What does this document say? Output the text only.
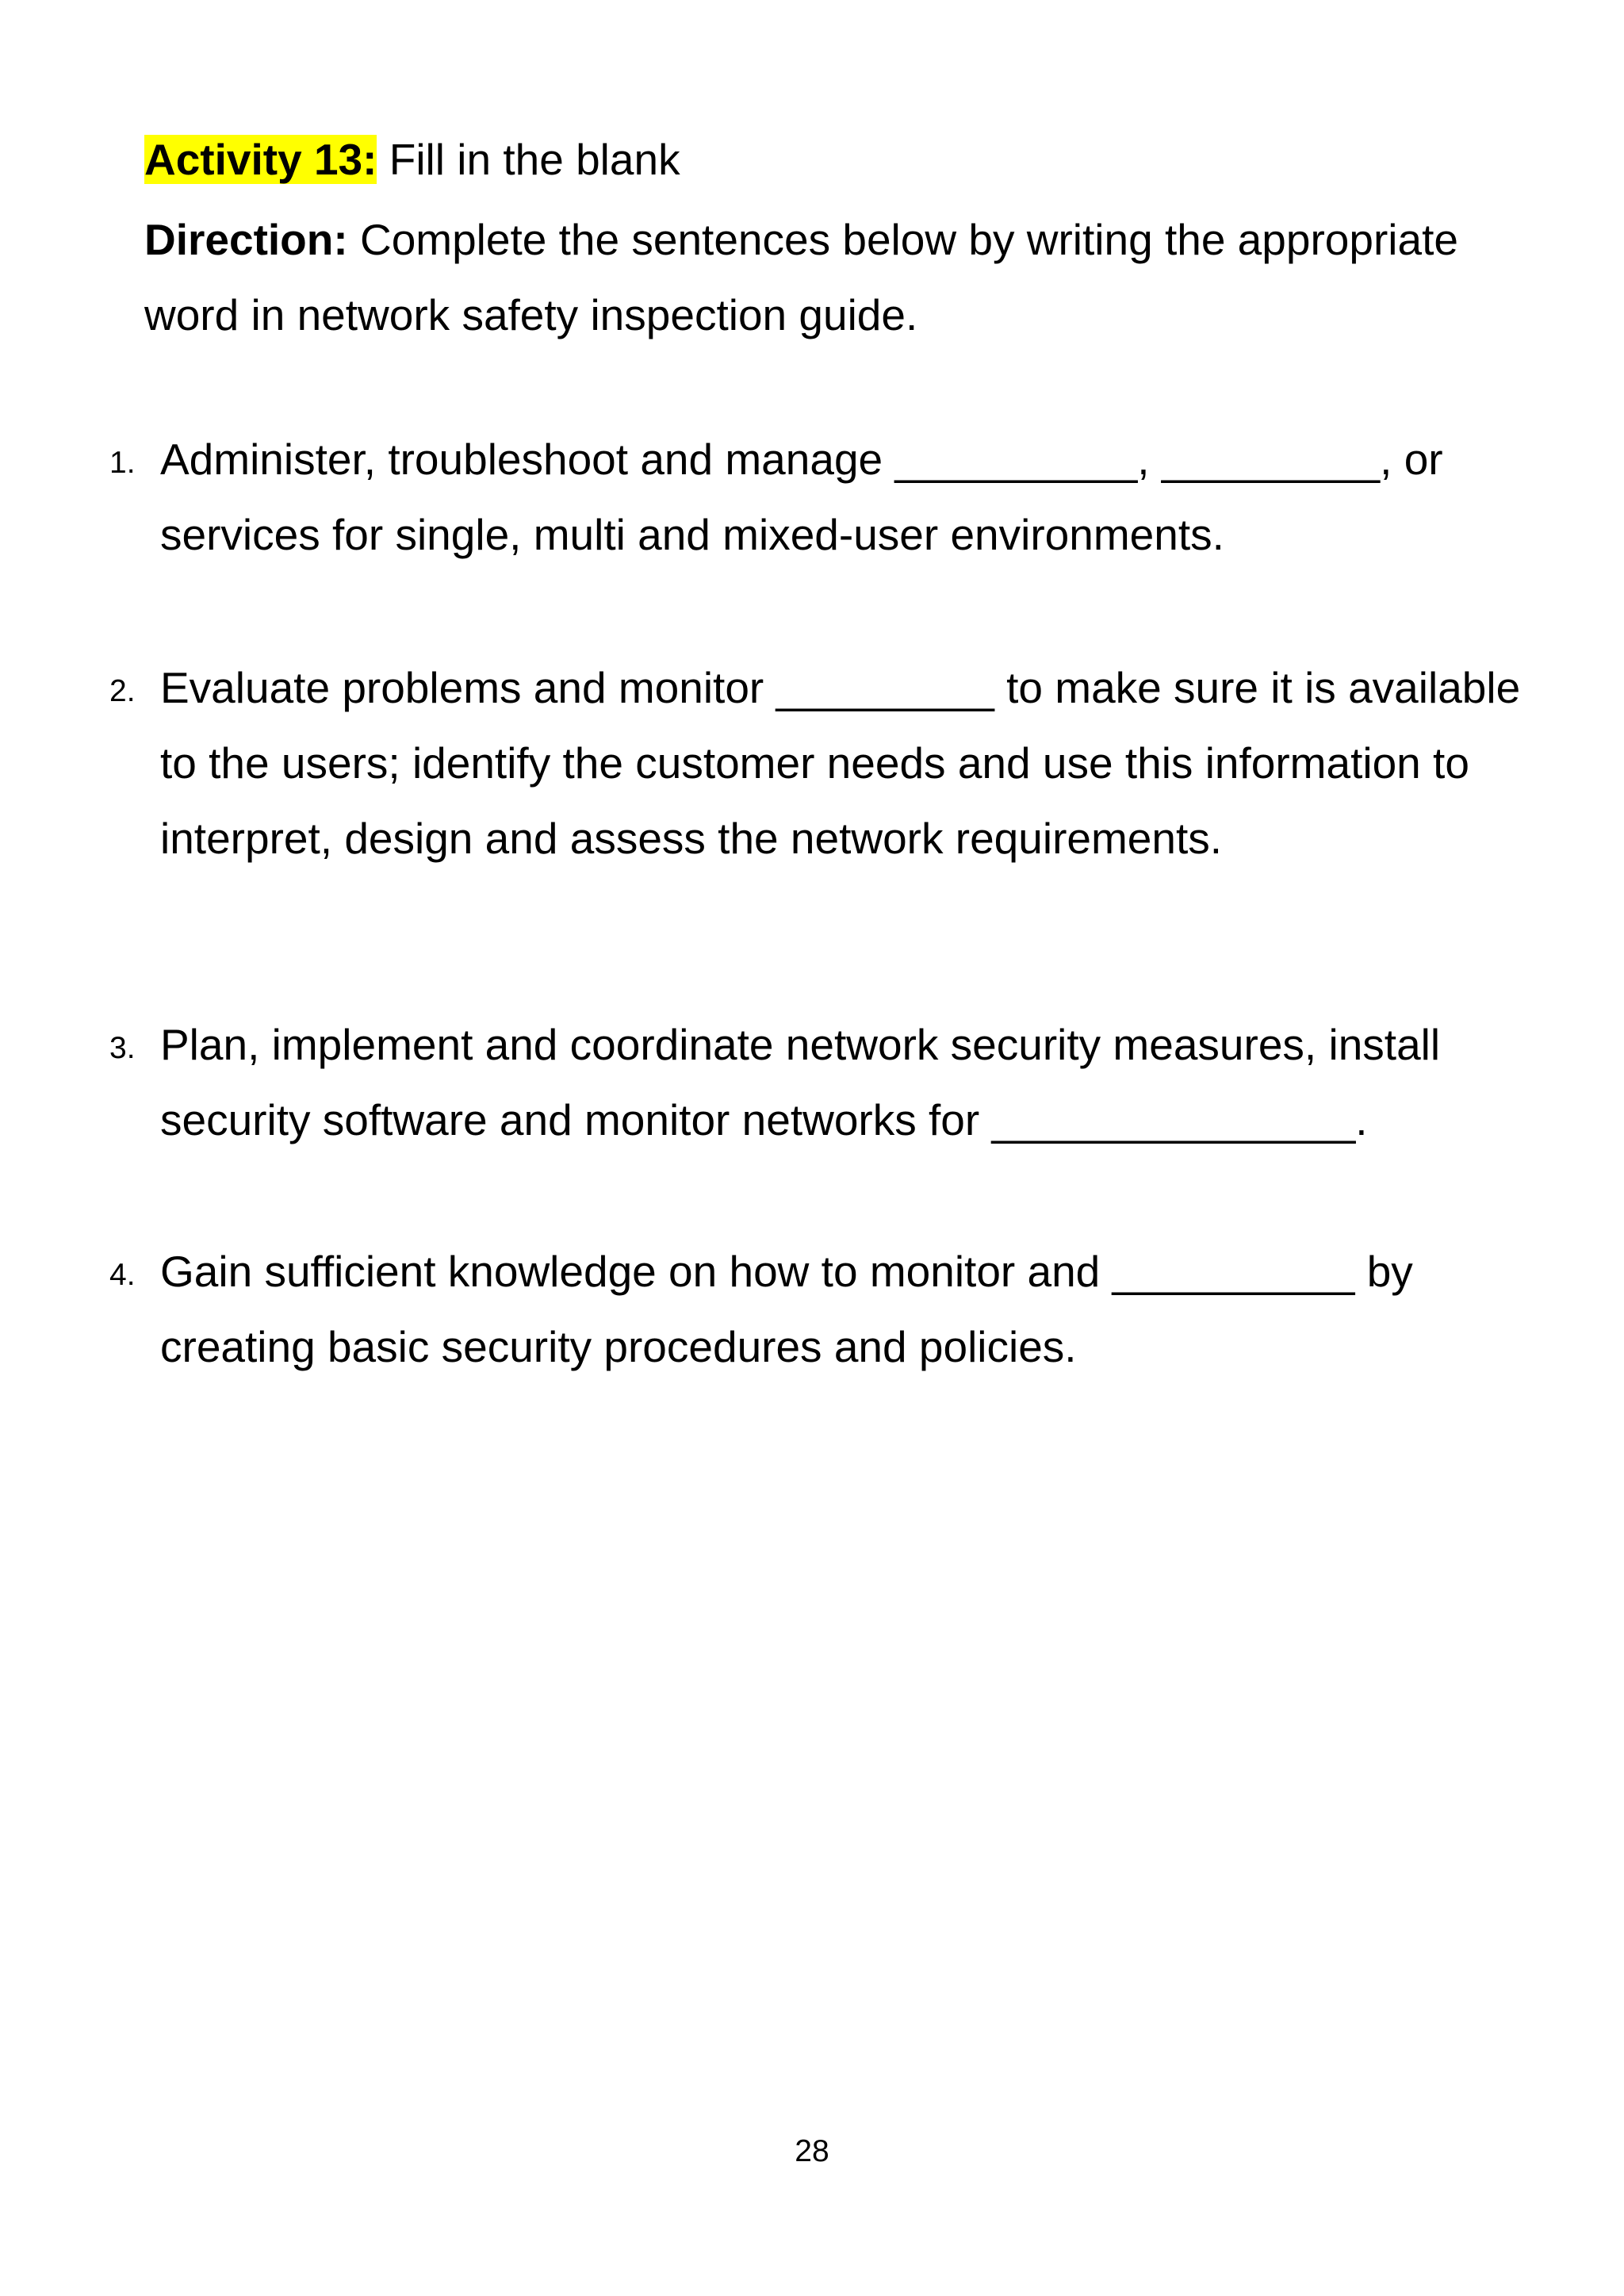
Activity 13: Fill in the blank
Direction: Complete the sentences below by writing the appropriate word in network safety inspection guide.
1. Administer, troubleshoot and manage __________, _________, or services for single, multi and mixed-user environments.
2. Evaluate problems and monitor _________ to make sure it is available to the users; identify the customer needs and use this information to interpret, design and assess the network requirements.
3. Plan, implement and coordinate network security measures, install security software and monitor networks for _______________.
4. Gain sufficient knowledge on how to monitor and __________ by creating basic security procedures and policies.
28
